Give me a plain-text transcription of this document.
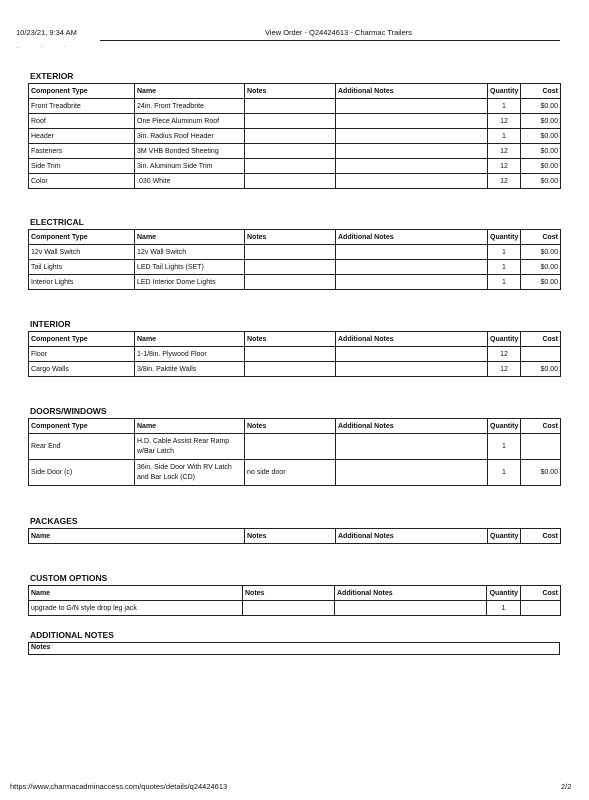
10/23/21, 9:34 AM	View Order - Q24424613 - Charmac Trailers
. · ·
EXTERIOR
Component Type	Name	Notes	Additional Notes	Quantity	Cost
Front Treadbrite	24in. Front Treadbrite			1	$0.00
Roof	One Piece Aluminum Roof			12	$0.00
Header	3in. Radius Roof Header			1	$0.00
Fasteners	3M VHB Bonded Sheeting			12	$0.00
Side Trim	3in. Aluminum Side Trim			12	$0.00
Color	.030 White			12	$0.00
ELECTRICAL
Component Type	Name	Notes	Additional Notes	Quantity	Cost
12v Wall Switch	12v Wall Switch			1	$0.00
Tail Lights	LED Tail Lights (SET)			1	$0.00
Interior Lights	LED Interior Dome Lights			1	$0.00
INTERIOR
Component Type	Name	Notes	Additional Notes	Quantity	Cost
Floor	1-1/8in. Plywood Floor			12	
Cargo Walls	3/8in. Paktite Walls			12	$0.00
DOORS/WINDOWS
Component Type	Name	Notes	Additional Notes	Quantity	Cost
Rear End	H.D. Cable Assist Rear Ramp w/Bar Latch			1	
Side Door (c)	36in. Side Door With RV Latch and Bar Lock (CD)	no side door		1	$0.00
PACKAGES
Name	Notes	Additional Notes	Quantity	Cost
CUSTOM OPTIONS
Name	Notes	Additional Notes	Quantity	Cost
upgrade to G/N style drop leg jack			1	
ADDITIONAL NOTES
Notes
https://www.charmacadminaccess.com/quotes/details/q24424613	2/2
